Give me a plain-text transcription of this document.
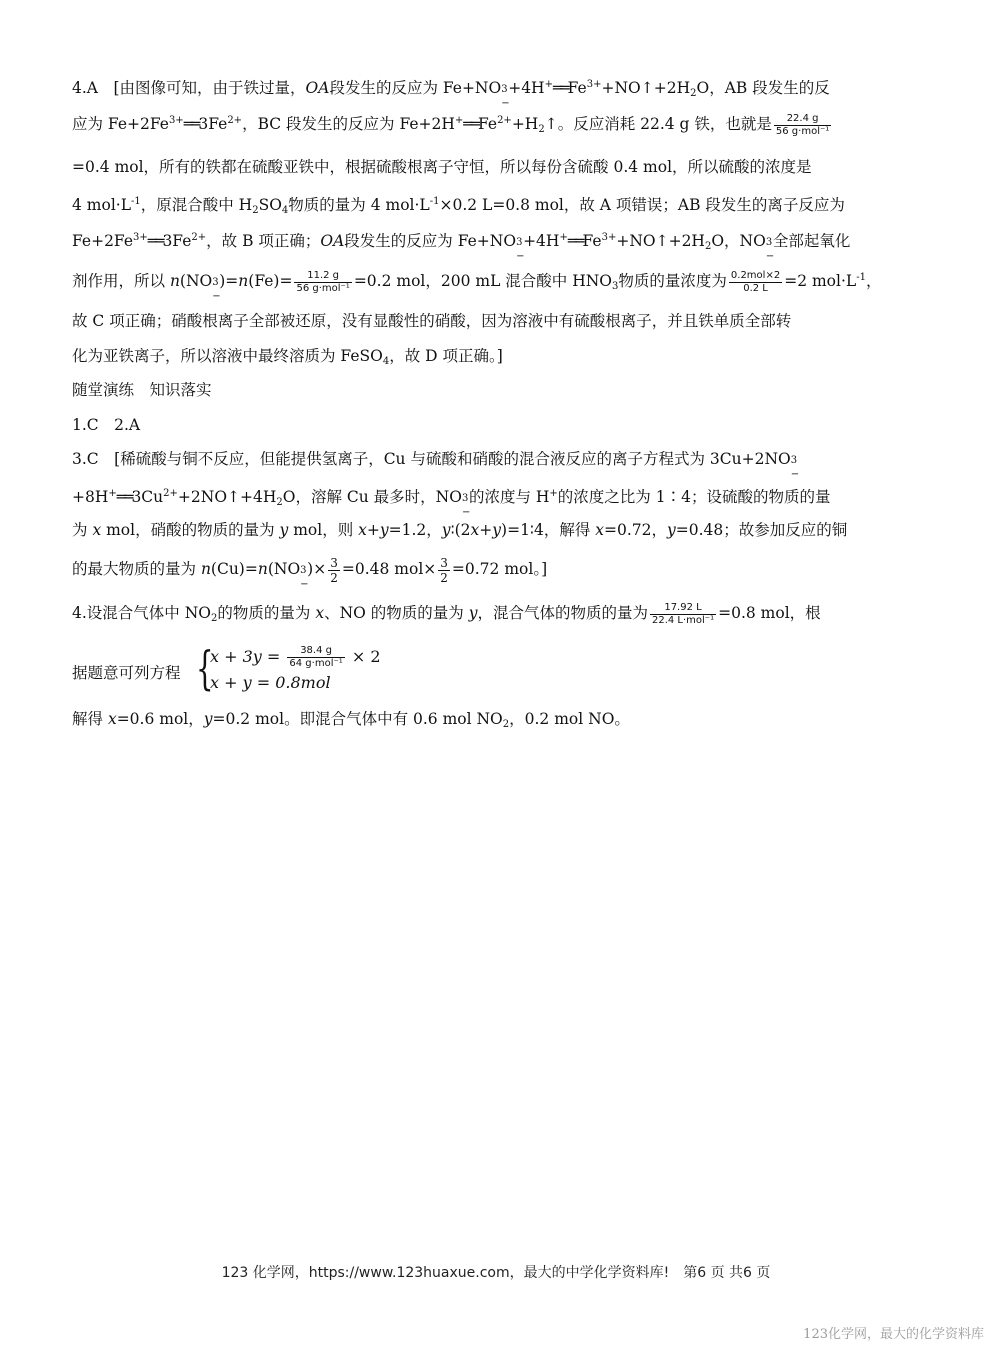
4.A　[由图像可知，由于铁过量，OA段发生的反应为 Fe+NO 3
−
$+4H^+══Fe^{3+}+NO↑+2H_2O$，AB 段发生的反
应为 $Fe+2Fe^{3+}══3Fe^{2+}$，BC 段发生的反应为 $Fe+2H^+══Fe^{2+}+H_2↑$。反应消耗 22.4 g 铁，也就是 $\frac{22.4 g}{\text{56 g·mol⁻¹}}$
=0.4 mol，所有的铁都在硫酸亚铁中，根据硫酸根离子守恒，所以每份含硫酸 0.4 mol，所以硫酸的浓度是
4 $mol\cdot L^{-1}$，原混合酸中 $H_2SO_4$物质的量为 4 $mol\cdot L^{-1}\times 0.2$ L=0.8 mol，故 A 项错误；AB 段发生的离子反应为
$Fe+2Fe^{3+}══3Fe^{2+}$，故 B 项正确；OA段发生的反应为 Fe+NO 3
−
$+4H^+══Fe^{3+}+NO↑+2H_2O$，NO 3
−
全部起氧化
剂作用，所以 n(NO 3
−
)$=n(Fe)= \frac{11.2 g}{\text{56 g·mol⁻¹}} =0.2$ mol，200 mL 混合酸中 $HNO_3$物质的量浓度为 $\frac{\text{0.2mol×2}}{0.2 L} =2$ $mol\cdot L^{-1}$，
故 C 项正确；硝酸根离子全部被还原，没有显酸性的硝酸，因为溶液中有硫酸根离子，并且铁单质全部转
化为亚铁离子，所以溶液中最终溶质为 FeSO$_4$，故 D 项正确。]
随堂演练　知识落实
1.C　2.A
3.C　[稀硫酸与铜不反应，但能提供氢离子，Cu 与硫酸和硝酸的混合液反应的离子方程式为 3Cu+2NO 3
−
$+8H^+══3Cu^{2+}+2NO↑+4H_2O$，溶解 Cu 最多时，NO 3
−
的浓度与 H+的浓度之比为 1∶4；设硫酸的物质的量
为 x mol，硝酸的物质的量为 y mol，则 x+y=1.2，y∶(2x+y)=1∶4，解得 x=0.72，y=0.48；故参加反应的铜
的最大物质的量为 n(Cu)=n(NO 3
−
)× $\frac{3}{2} =0.48$ $mol\times \frac{3}{2} =0.72$ mol。]
4.设混合气体中 $NO_2$的物质的量为 x、NO 的物质的量为 y，混合气体的物质的量为 $\frac{17.92 L}{\text{22.4 L·mol⁻¹}} =0.8$ mol，根
据题意可列方程 {
$x + 3y = \frac{38.4 g}{\text{64 g·mol⁻¹}} \times 2$
x + y = 0.8mol
解得 x=0.6 mol，y=0.2 mol。即混合气体中有 0.6 mol $NO_2$，0.2 mol NO。
123 化学网，https://www.123huaxue.com，最大的中学化学资料库!　第6 页 共6 页
123化学网，最大的化学资料库
